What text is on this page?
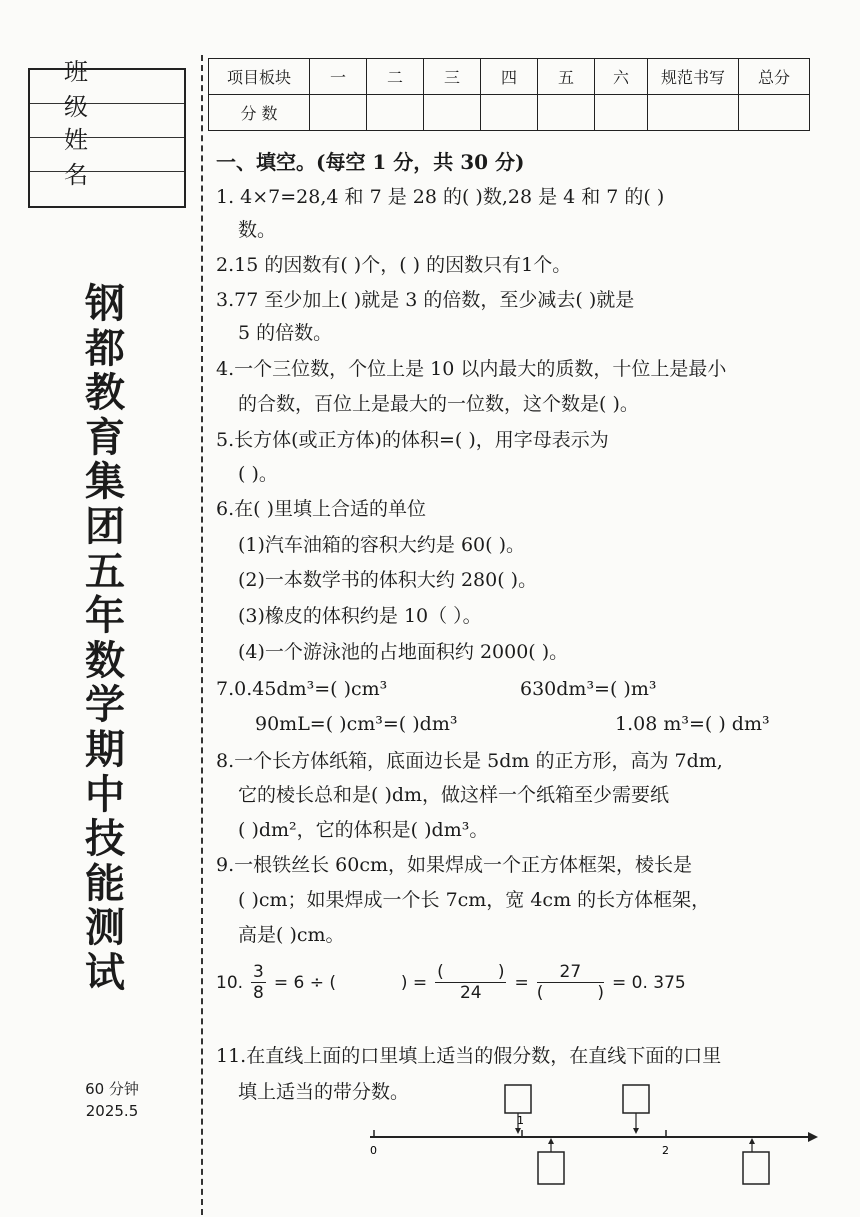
班 级
姓 名
钢
都
教
育
集
团
五
年
数
学
期
中
技
能
测
试
60 分钟
2025.5
项目板块	一	二	三	四	五	六	规范书写	总分
分 数								
一、填空。(每空 1 分，共 30 分)
1. 4×7=28,4 和 7 是 28 的( )数,28 是 4 和 7 的( )
数。
2.15 的因数有( )个，( ) 的因数只有1个。
3.77 至少加上( )就是 3 的倍数，至少减去( )就是
5 的倍数。
4.一个三位数，个位上是 10 以内最大的质数，十位上是最小
的合数，百位上是最大的一位数，这个数是( )。
5.长方体(或正方体)的体积=( )，用字母表示为
( )。
6.在( )里填上合适的单位
(1)汽车油箱的容积大约是 60( )。
(2)一本数学书的体积大约 280( )。
(3)橡皮的体积约是 10（ ）。
(4)一个游泳池的占地面积约 2000( )。
7.0.45dm³=( )cm³	630dm³=( )m³
90mL=( )cm³=( )dm³	1.08 m³=( ) dm³
8.一个长方体纸箱，底面边长是 5dm 的正方形，高为 7dm,
它的棱长总和是( )dm，做这样一个纸箱至少需要纸
( )dm²，它的体积是( )dm³。
9.一根铁丝长 60cm，如果焊成一个正方体框架，棱长是
( )cm；如果焊成一个长 7cm，宽 4cm 的长方体框架，
高是( )cm。
10. $\frac{3}{8} = 6$ ÷ (            ) = $\frac{( )}{24} = \frac{27}{( )} = 0$. 375
11.在直线上面的口里填上适当的假分数，在直线下面的口里
填上适当的带分数。
0
1
2
